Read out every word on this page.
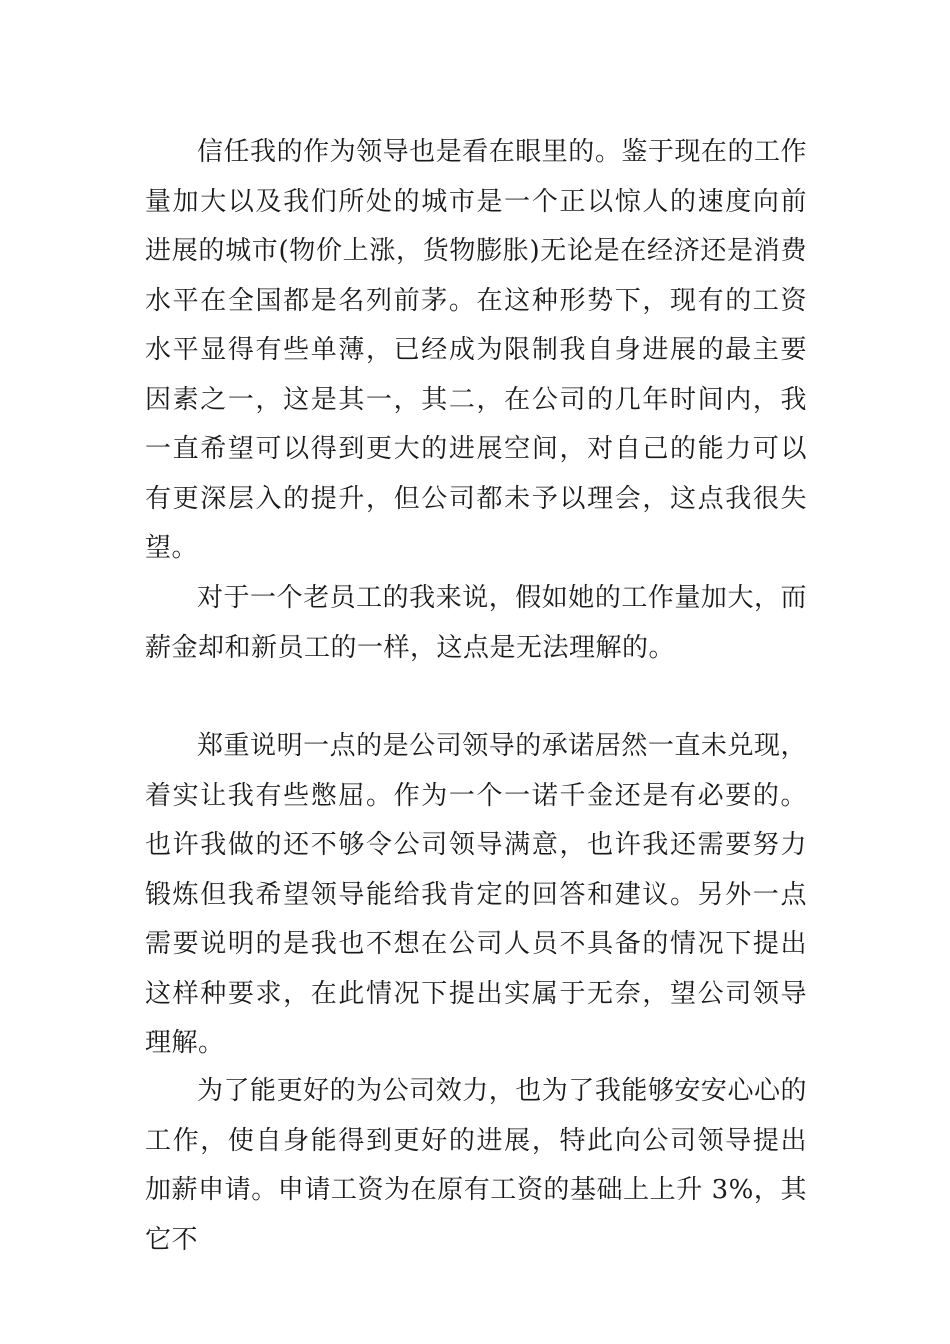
信任我的作为领导也是看在眼里的。鉴于现在的工作量加大以及我们所处的城市是一个正以惊人的速度向前进展的城市(物价上涨，货物膨胀)无论是在经济还是消费水平在全国都是名列前茅。在这种形势下，现有的工资水平显得有些单薄，已经成为限制我自身进展的最主要因素之一，这是其一，其二，在公司的几年时间内，我一直希望可以得到更大的进展空间，对自己的能力可以有更深层入的提升，但公司都未予以理会，这点我很失望。

对于一个老员工的我来说，假如她的工作量加大，而薪金却和新员工的一样，这点是无法理解的。

郑重说明一点的是公司领导的承诺居然一直未兑现，着实让我有些憋屈。作为一个一诺千金还是有必要的。也许我做的还不够令公司领导满意，也许我还需要努力锻炼但我希望领导能给我肯定的回答和建议。另外一点需要说明的是我也不想在公司人员不具备的情况下提出这样种要求，在此情况下提出实属于无奈，望公司领导理解。

为了能更好的为公司效力，也为了我能够安安心心的工作，使自身能得到更好的进展，特此向公司领导提出加薪申请。申请工资为在原有工资的基础上上升 3%，其它不
